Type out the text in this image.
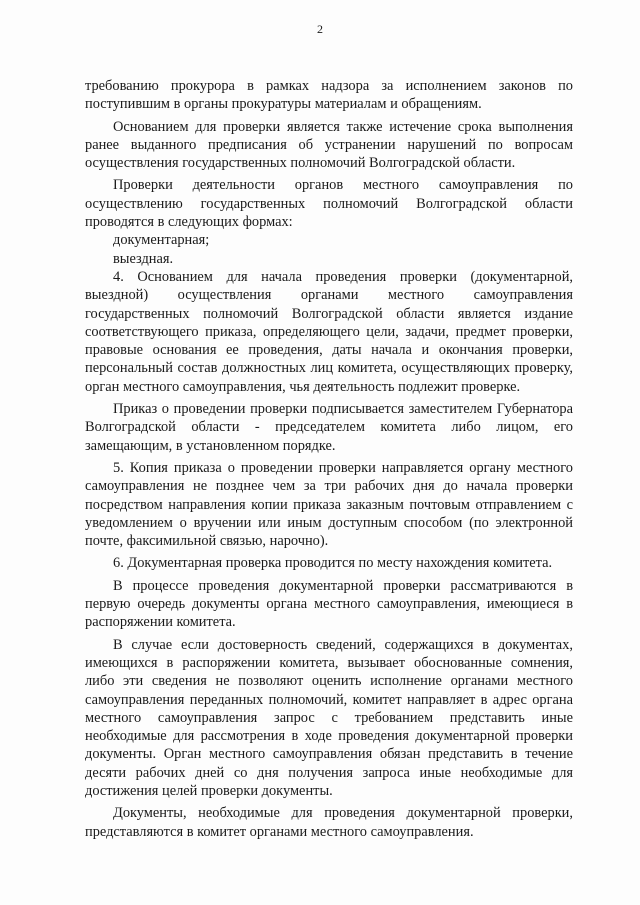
2

требованию прокурора в рамках надзора за исполнением законов по поступившим в органы прокуратуры материалам и обращениям.

Основанием для проверки является также истечение срока выполнения ранее выданного предписания об устранении нарушений по вопросам осуществления государственных полномочий Волгоградской области.

Проверки деятельности органов местного самоуправления по осуществлению государственных полномочий Волгоградской области проводятся в следующих формах:

документарная;

выездная.

4. Основанием для начала проведения проверки (документарной, выездной) осуществления органами местного самоуправления государственных полномочий Волгоградской области является издание соответствующего приказа, определяющего цели, задачи, предмет проверки, правовые основания ее проведения, даты начала и окончания проверки, персональный состав должностных лиц комитета, осуществляющих проверку, орган местного самоуправления, чья деятельность подлежит проверке.

Приказ о проведении проверки подписывается заместителем Губернатора Волгоградской области - председателем комитета либо лицом, его замещающим, в установленном порядке.

5. Копия приказа о проведении проверки направляется органу местного самоуправления не позднее чем за три рабочих дня до начала проверки посредством направления копии приказа заказным почтовым отправлением с уведомлением о вручении или иным доступным способом (по электронной почте, факсимильной связью, нарочно).

6. Документарная проверка проводится по месту нахождения комитета.

В процессе проведения документарной проверки рассматриваются в первую очередь документы органа местного самоуправления, имеющиеся в распоряжении комитета.

В случае если достоверность сведений, содержащихся в документах, имеющихся в распоряжении комитета, вызывает обоснованные сомнения, либо эти сведения не позволяют оценить исполнение органами местного самоуправления переданных полномочий, комитет направляет в адрес органа местного самоуправления запрос с требованием представить иные необходимые для рассмотрения в ходе проведения документарной проверки документы. Орган местного самоуправления обязан представить в течение десяти рабочих дней со дня получения запроса иные необходимые для достижения целей проверки документы.

Документы, необходимые для проведения документарной проверки, представляются в комитет органами местного самоуправления.
